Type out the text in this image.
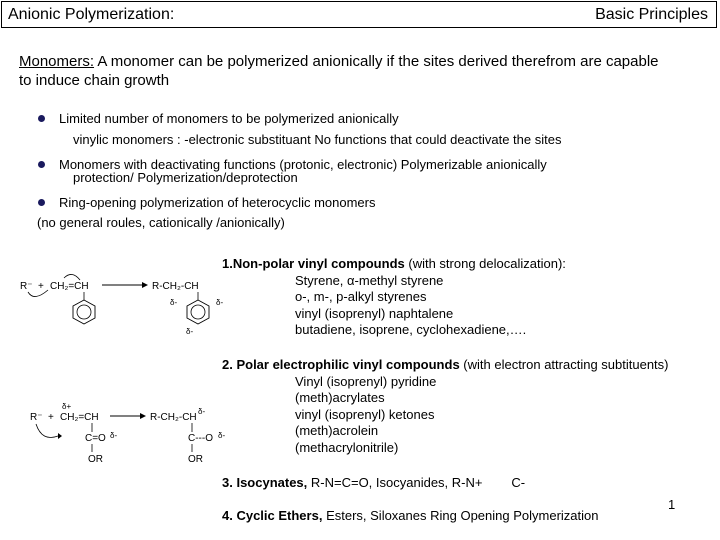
Anionic Polymerization:	Basic Principles
Monomers: A monomer can be polymerized anionically if the sites derived therefrom are capable to induce chain growth
Limited number of monomers to be polymerized anionically
vinylic monomers : -electronic substituant No functions that could deactivate the sites
Monomers with deactivating functions (protonic, electronic) Polymerizable anionically
protection/ Polymerization/deprotection
Ring-opening polymerization of heterocyclic monomers
(no general roules, cationically /anionically)
1.Non-polar vinyl compounds (with strong delocalization):
Styrene, α-methyl styrene
o-, m-, p-alkyl styrenes
vinyl (isoprenyl) naphtalene
butadiene, isoprene, cyclohexadiene,….
2. Polar electrophilic vinyl compounds (with electron attracting subtituents)
Vinyl (isoprenyl) pyridine
(meth)acrylates
vinyl (isoprenyl) ketones
(meth)acrolein
(methacrylonitrile)
3. Isocynates, R-N=C=O, Isocyanides, R-N+        C-
4. Cyclic Ethers, Esters, Siloxanes Ring Opening Polymerization
1
R⁻ + CH₂=CH	R-CH₂-CH
δ-	δ-
δ-
δ+
R⁻ + CH₂=CH
C=O δ-
OR
R-CH₂-CH
δ-
C---O δ-
OR
